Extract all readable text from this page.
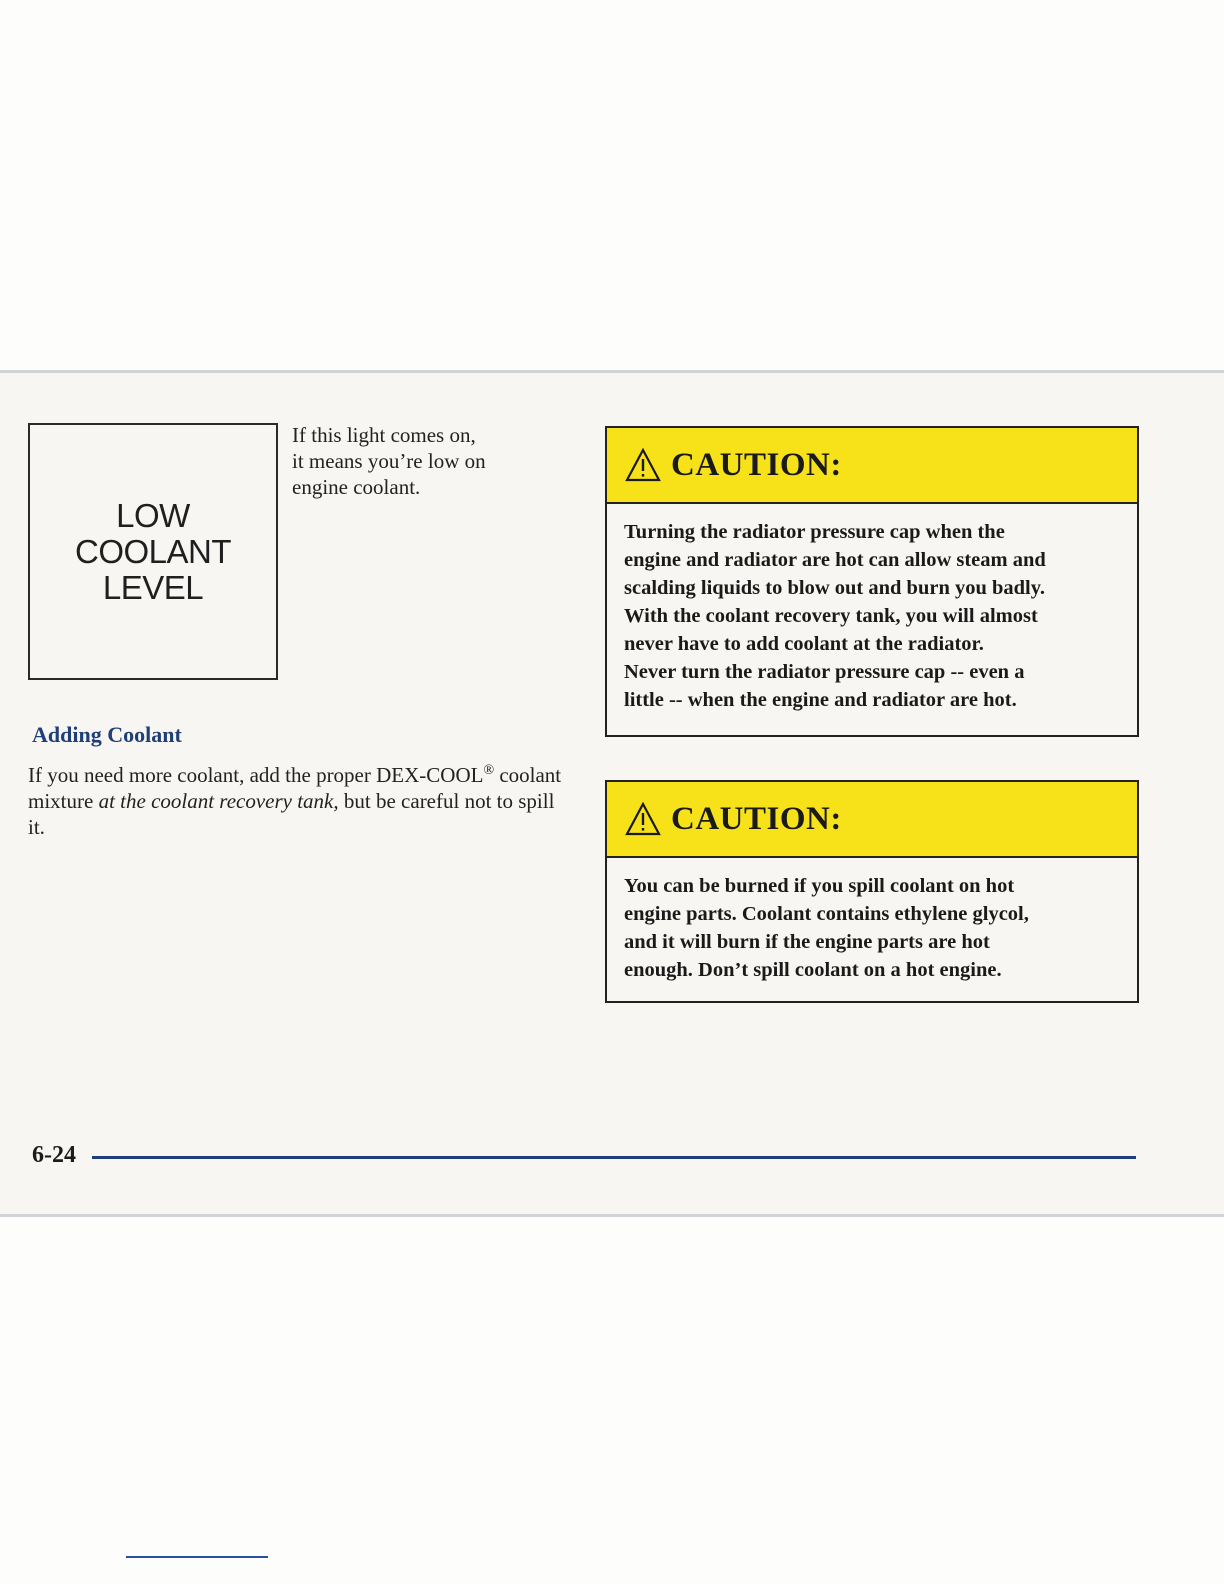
LOW
COOLANT
LEVEL
If this light comes on,
it means you’re low on
engine coolant.
Adding Coolant
If you need more coolant, add the proper DEX-COOL® coolant mixture at the coolant recovery tank, but be careful not to spill it.
CAUTION:
Turning the radiator pressure cap when the
engine and radiator are hot can allow steam and
scalding liquids to blow out and burn you badly.
With the coolant recovery tank, you will almost
never have to add coolant at the radiator.
Never turn the radiator pressure cap -- even a
little -- when the engine and radiator are hot.
CAUTION:
You can be burned if you spill coolant on hot
engine parts. Coolant contains ethylene glycol,
and it will burn if the engine parts are hot
enough. Don’t spill coolant on a hot engine.
6-24
